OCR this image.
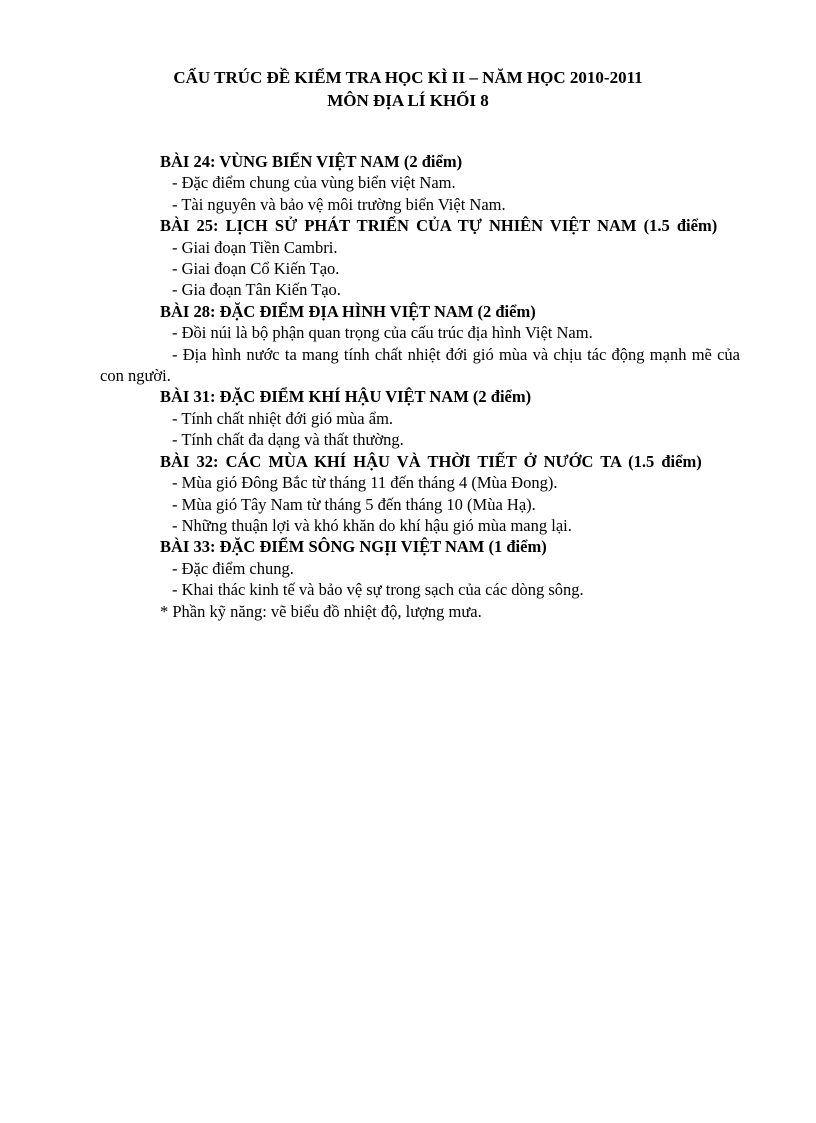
CẤU TRÚC ĐỀ KIỂM TRA HỌC KÌ II – NĂM HỌC 2010-2011
MÔN ĐỊA LÍ KHỐI 8
BÀI 24: VÙNG BIỂN VIỆT NAM (2 điểm)
- Đặc điểm chung của vùng biển việt Nam.
- Tài nguyên và bảo vệ môi trường biển Việt Nam.
BÀI 25: LỊCH SỬ PHÁT TRIỂN CỦA TỰ NHIÊN VIỆT NAM (1.5 điểm)
- Giai đoạn Tiền Cambri.
- Giai đoạn Cổ Kiến Tạo.
- Gia đoạn Tân Kiến Tạo.
BÀI 28: ĐẶC ĐIỂM ĐỊA HÌNH VIỆT NAM (2 điểm)
- Đồi núi là bộ phận quan trọng của cấu trúc địa hình Việt Nam.
- Địa hình nước ta mang tính chất nhiệt đới gió mùa và chịu tác động mạnh mẽ của con người.
BÀI 31: ĐẶC ĐIỂM KHÍ HẬU VIỆT NAM (2 điểm)
- Tính chất nhiệt đới gió mùa ẩm.
- Tính chất đa dạng và thất thường.
BÀI 32: CÁC MÙA KHÍ HẬU VÀ THỜI TIẾT Ở NƯỚC TA (1.5 điểm)
- Mùa gió Đông Bắc từ tháng 11 đến tháng 4 (Mùa Đong).
- Mùa gió Tây Nam từ tháng 5 đến tháng 10 (Mùa Hạ).
- Những thuận lợi và khó khăn do khí hậu gió mùa mang lại.
BÀI 33: ĐẶC ĐIỂM SÔNG NGỊI VIỆT NAM (1 điểm)
- Đặc điểm chung.
- Khai thác kinh tế và bảo vệ sự trong sạch của các dòng sông.
* Phần kỹ năng: vẽ biểu đồ nhiệt độ, lượng mưa.
